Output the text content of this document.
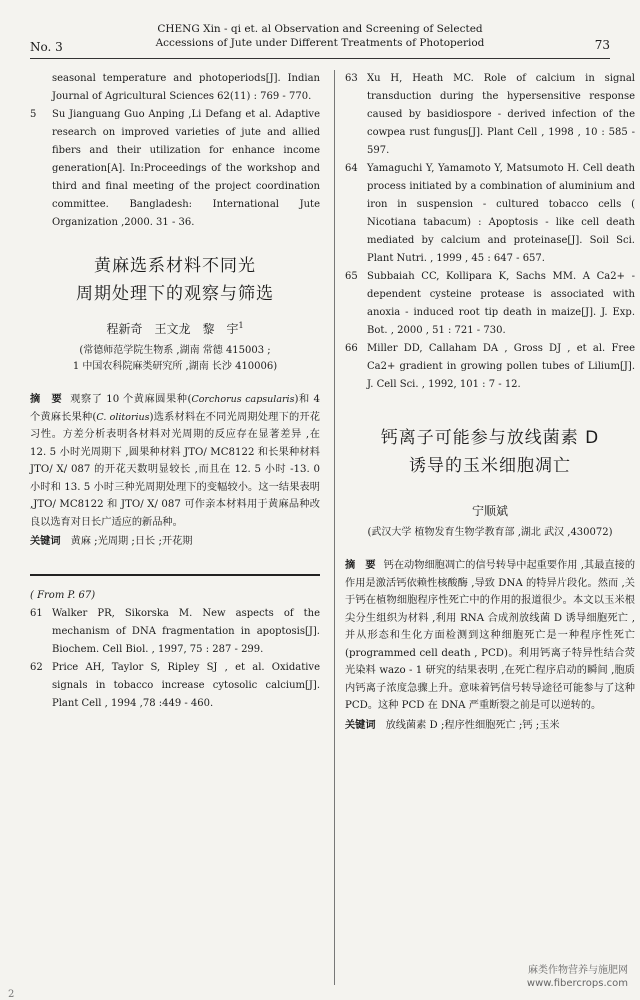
No. 3
CHENG Xin - qi et. al Observation and Screening of Selected
Accessions of Jute under Different Treatments of Photoperiod	73
seasonal temperature and photoperiods[J]. Indian Journal of Agricultural Sciences 62(11) : 769 - 770.
5	Su Jianguang Guo Anping ,Li Defang et al. Adaptive research on improved varieties of jute and allied fibers and their utilization for enhance income generation[A]. In:Proceedings of the workshop and third and final meeting of the project coordination committee. Bangladesh: International Jute Organization ,2000. 31 - 36.
黄麻选系材料不同光
周期处理下的观察与筛选
程新奇　王文龙　黎　宇$^1$
(常德师范学院生物系 ,湖南 常德 415003 ;
1 中国农科院麻类研究所 ,湖南 长沙 410006)
摘　要 观察了 10 个黄麻圆果种(Corchorus capsularis)和 4 个黄麻长果种(C. olitorius)选系材料在不同光周期处理下的开花习性。方差分析表明各材料对光周期的反应存在显著差异 ,在 12. 5 小时光周期下 ,圆果种材料 JTO/ MC8122 和长果种材料 JTO/ X/ 087 的开花天数明显较长 ,而且在 12. 5 小时 -13. 0 小时和 13. 5 小时三种光周期处理下的变幅较小。这一结果表明 ,JTO/ MC8122 和 JTO/ X/ 087 可作亲本材料用于黄麻品种改良以选育对日长广适应的新品种。
关键词 黄麻 ;光周期 ;日长 ;开花期
( From P. 67)
61 Walker PR, Sikorska M. New aspects of the mechanism of DNA fragmentation in apoptosis[J]. Biochem. Cell Biol. , 1997, 75 : 287 - 299.
62 Price AH, Taylor S, Ripley SJ , et al. Oxidative signals in tobacco increase cytosolic calcium[J]. Plant Cell , 1994 ,78 :449 - 460.
63 Xu H, Heath MC. Role of calcium in signal transduction during the hypersensitive response caused by basidiospore - derived infection of the cowpea rust fungus[J]. Plant Cell , 1998 , 10 : 585 - 597.
64 Yamaguchi Y, Yamamoto Y, Matsumoto H. Cell death process initiated by a combination of aluminium and iron in suspension - cultured tobacco cells ( Nicotiana tabacum) : Apoptosis - like cell death mediated by calcium and proteinase[J]. Soil Sci. Plant Nutri. , 1999 , 45 : 647 - 657.
65 Subbaiah CC, Kollipara K, Sachs MM. A Ca2+ - dependent cysteine protease is associated with anoxia - induced root tip death in maize[J]. J. Exp. Bot. , 2000 , 51 : 721 - 730.
66 Miller DD, Callaham DA , Gross DJ , et al. Free Ca2+ gradient in growing pollen tubes of Lilium[J]. J. Cell Sci. , 1992, 101 : 7 - 12.
钙离子可能参与放线菌素 D
诱导的玉米细胞凋亡
宁顺斌
(武汉大学 植物发育生物学教育部 ,湖北 武汉 ,430072)
摘　要 钙在动物细胞凋亡的信号转导中起重要作用 ,其最直接的作用是激活钙依赖性核酸酶 ,导致 DNA 的特异片段化。然而 ,关于钙在植物细胞程序性死亡中的作用的报道很少。本文以玉米根尖分生组织为材料 ,利用 RNA 合成剂放线菌 D 诱导细胞死亡 ,并从形态和生化方面检测到这种细胞死亡是一种程序性死亡 (programmed cell death , PCD)。利用钙离子特异性结合荧光染料 wazo - 1 研究的结果表明 ,在死亡程序启动的瞬间 ,胞质内钙离子浓度急骤上升。意味着钙信号转导途径可能参与了这种 PCD。这种 PCD 在 DNA 严重断裂之前是可以逆转的。
关键词 放线菌素 D ;程序性细胞死亡 ;钙 ;玉米
麻类作物营养与施肥网
www.fibercrops.com
2
